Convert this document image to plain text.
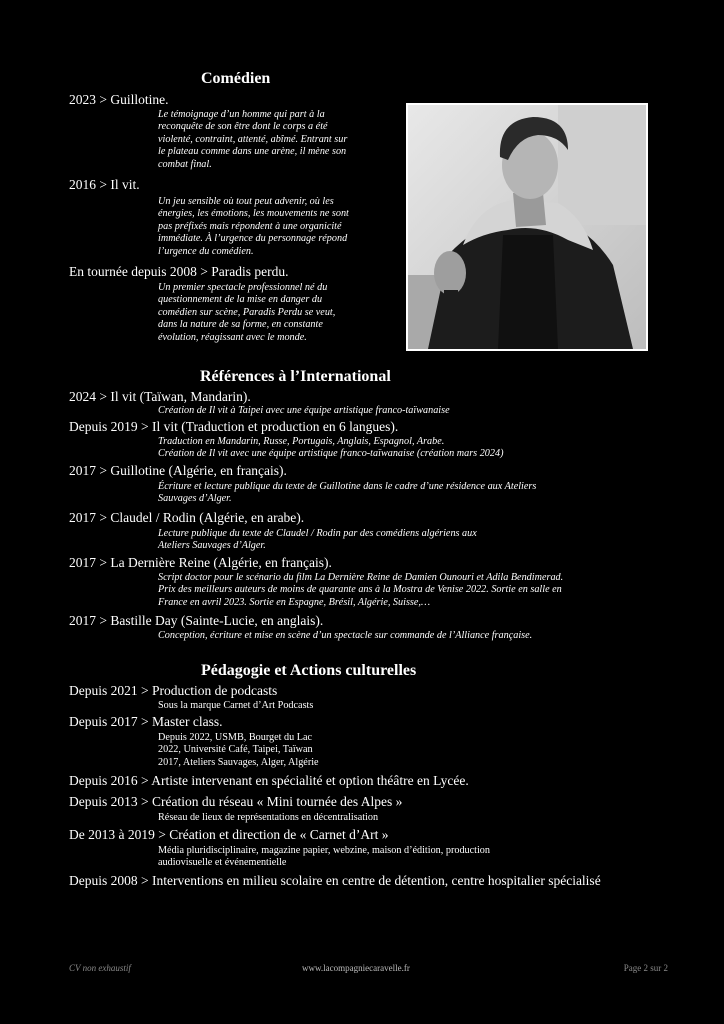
Comédien
2023 > Guillotine.
Le témoignage d’un homme qui part à la
reconquête de son être dont le corps a été
violenté, contraint, attenté, abîmé. Entrant sur
le plateau comme dans une arène, il mène son
combat final.
2016 > Il vit.
Un jeu sensible où tout peut advenir, où les
énergies, les émotions, les mouvements ne sont
pas préfixés mais répondent à une organicité
immédiate. À l’urgence du personnage répond
l’urgence du comédien.
En tournée depuis 2008 > Paradis perdu.
Un premier spectacle professionnel né du
questionnement de la mise en danger du
comédien sur scène, Paradis Perdu se veut,
dans la nature de sa forme, en constante
évolution, réagissant avec le monde.
Références à l’International
2024 > Il vit (Taïwan, Mandarin).
Création de Il vit à Taipei avec une équipe artistique franco-taïwanaise
Depuis 2019 > Il vit (Traduction et production en 6 langues).
Traduction en Mandarin, Russe, Portugais, Anglais, Espagnol, Arabe.
Création de Il vit avec une équipe artistique franco-taïwanaise (création mars 2024)
2017 > Guillotine (Algérie, en français).
Écriture et lecture publique du texte de Guillotine dans le cadre d’une résidence aux Ateliers
Sauvages d’Alger.
2017 > Claudel / Rodin (Algérie, en arabe).
Lecture publique du texte de Claudel / Rodin par des comédiens algériens aux
Ateliers Sauvages d’Alger.
2017 > La Dernière Reine (Algérie, en français).
Script doctor pour le scénario du film La Dernière Reine de Damien Ounouri et Adila Bendimerad.
Prix des meilleurs auteurs de moins de quarante ans à la Mostra de Venise 2022. Sortie en salle en
France en avril 2023. Sortie en Espagne, Brésil, Algérie, Suisse,…
2017 > Bastille Day (Sainte-Lucie, en anglais).
Conception, écriture et mise en scène d’un spectacle sur commande de l’Alliance française.
Pédagogie et Actions culturelles
Depuis 2021 > Production de podcasts
Sous la marque Carnet d’Art Podcasts
Depuis 2017 > Master class.
Depuis 2022, USMB, Bourget du Lac
2022, Université Café, Taipei, Taïwan
2017, Ateliers Sauvages, Alger, Algérie
Depuis 2016 > Artiste intervenant en spécialité et option théâtre en Lycée.
Depuis 2013 > Création du réseau « Mini tournée des Alpes »
Réseau de lieux de représentations en décentralisation
De 2013 à 2019 > Création et direction de « Carnet d’Art »
Média pluridisciplinaire, magazine papier, webzine, maison d’édition, production
audiovisuelle et événementielle
Depuis 2008 > Interventions en milieu scolaire en centre de détention, centre hospitalier spécialisé
CV non exhaustif	www.lacompagniecaravelle.fr	Page 2 sur 2
